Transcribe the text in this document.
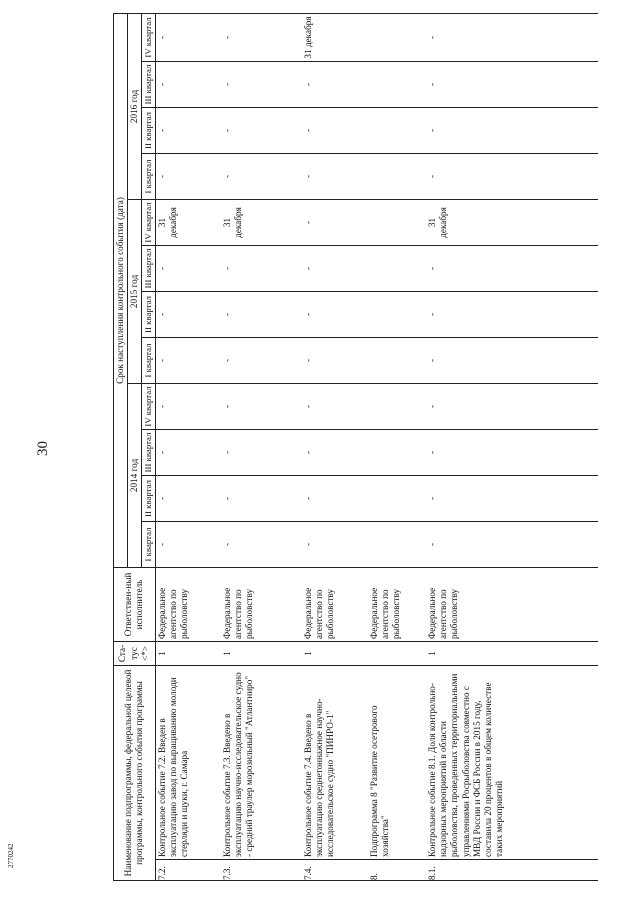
30
2770242	Наименование подпрограммы, федеральной целевой программы, контрольного события программы		Ста-тус <*>	Ответствен-ный исполнитель	Срок наступления контрольного события (дата)											
				2014 год				2015 год				2016 год			
				I квартал	II квартал	III квартал	IV квартал	I квартал	II квартал	III квартал	IV квартал	I квартал	II квартал	III квартал	IV квартал
7.2.	Контрольное событие 7.2. Введен в эксплуатацию завод по выращиванию молоди стерляди и щуки, г. Самара	1	Федеральное агентство по рыболовству	-	-	-	-	-	-	-	31 декабря	-	-	-	-
7.3.	Контрольное событие 7.3. Введено в эксплуатацию научно-исследовательское судно - средний траулер морозильный "Атлантниро"	1	Федеральное агентство по рыболовству	-	-	-	-	-	-	-	31 декабря	-	-	-	-
7.4.	Контрольное событие 7.4. Введено в эксплуатацию среднетоннажное научно-исследовательское судно "ПИНРО-1"	1	Федеральное агентство по рыболовству	-	-	-	-	-	-	-	-	-	-	-	31 декабря
8.	Подпрограмма 8 "Развитие осетрового хозяйства"		Федеральное агентство по рыболовству												
8.1.	Контрольное событие 8.1. Доля контрольно-надзорных мероприятий в области рыболовства, проведенных территориальными управлениями Росрыболовства совместно с МВД России и ФСБ России в 2015 году, составила 20 процентов в общем количестве таких мероприятий	1	Федеральное агентство по рыболовству	-	-	-	-	-	-	-	31 декабря	-	-	-	-
